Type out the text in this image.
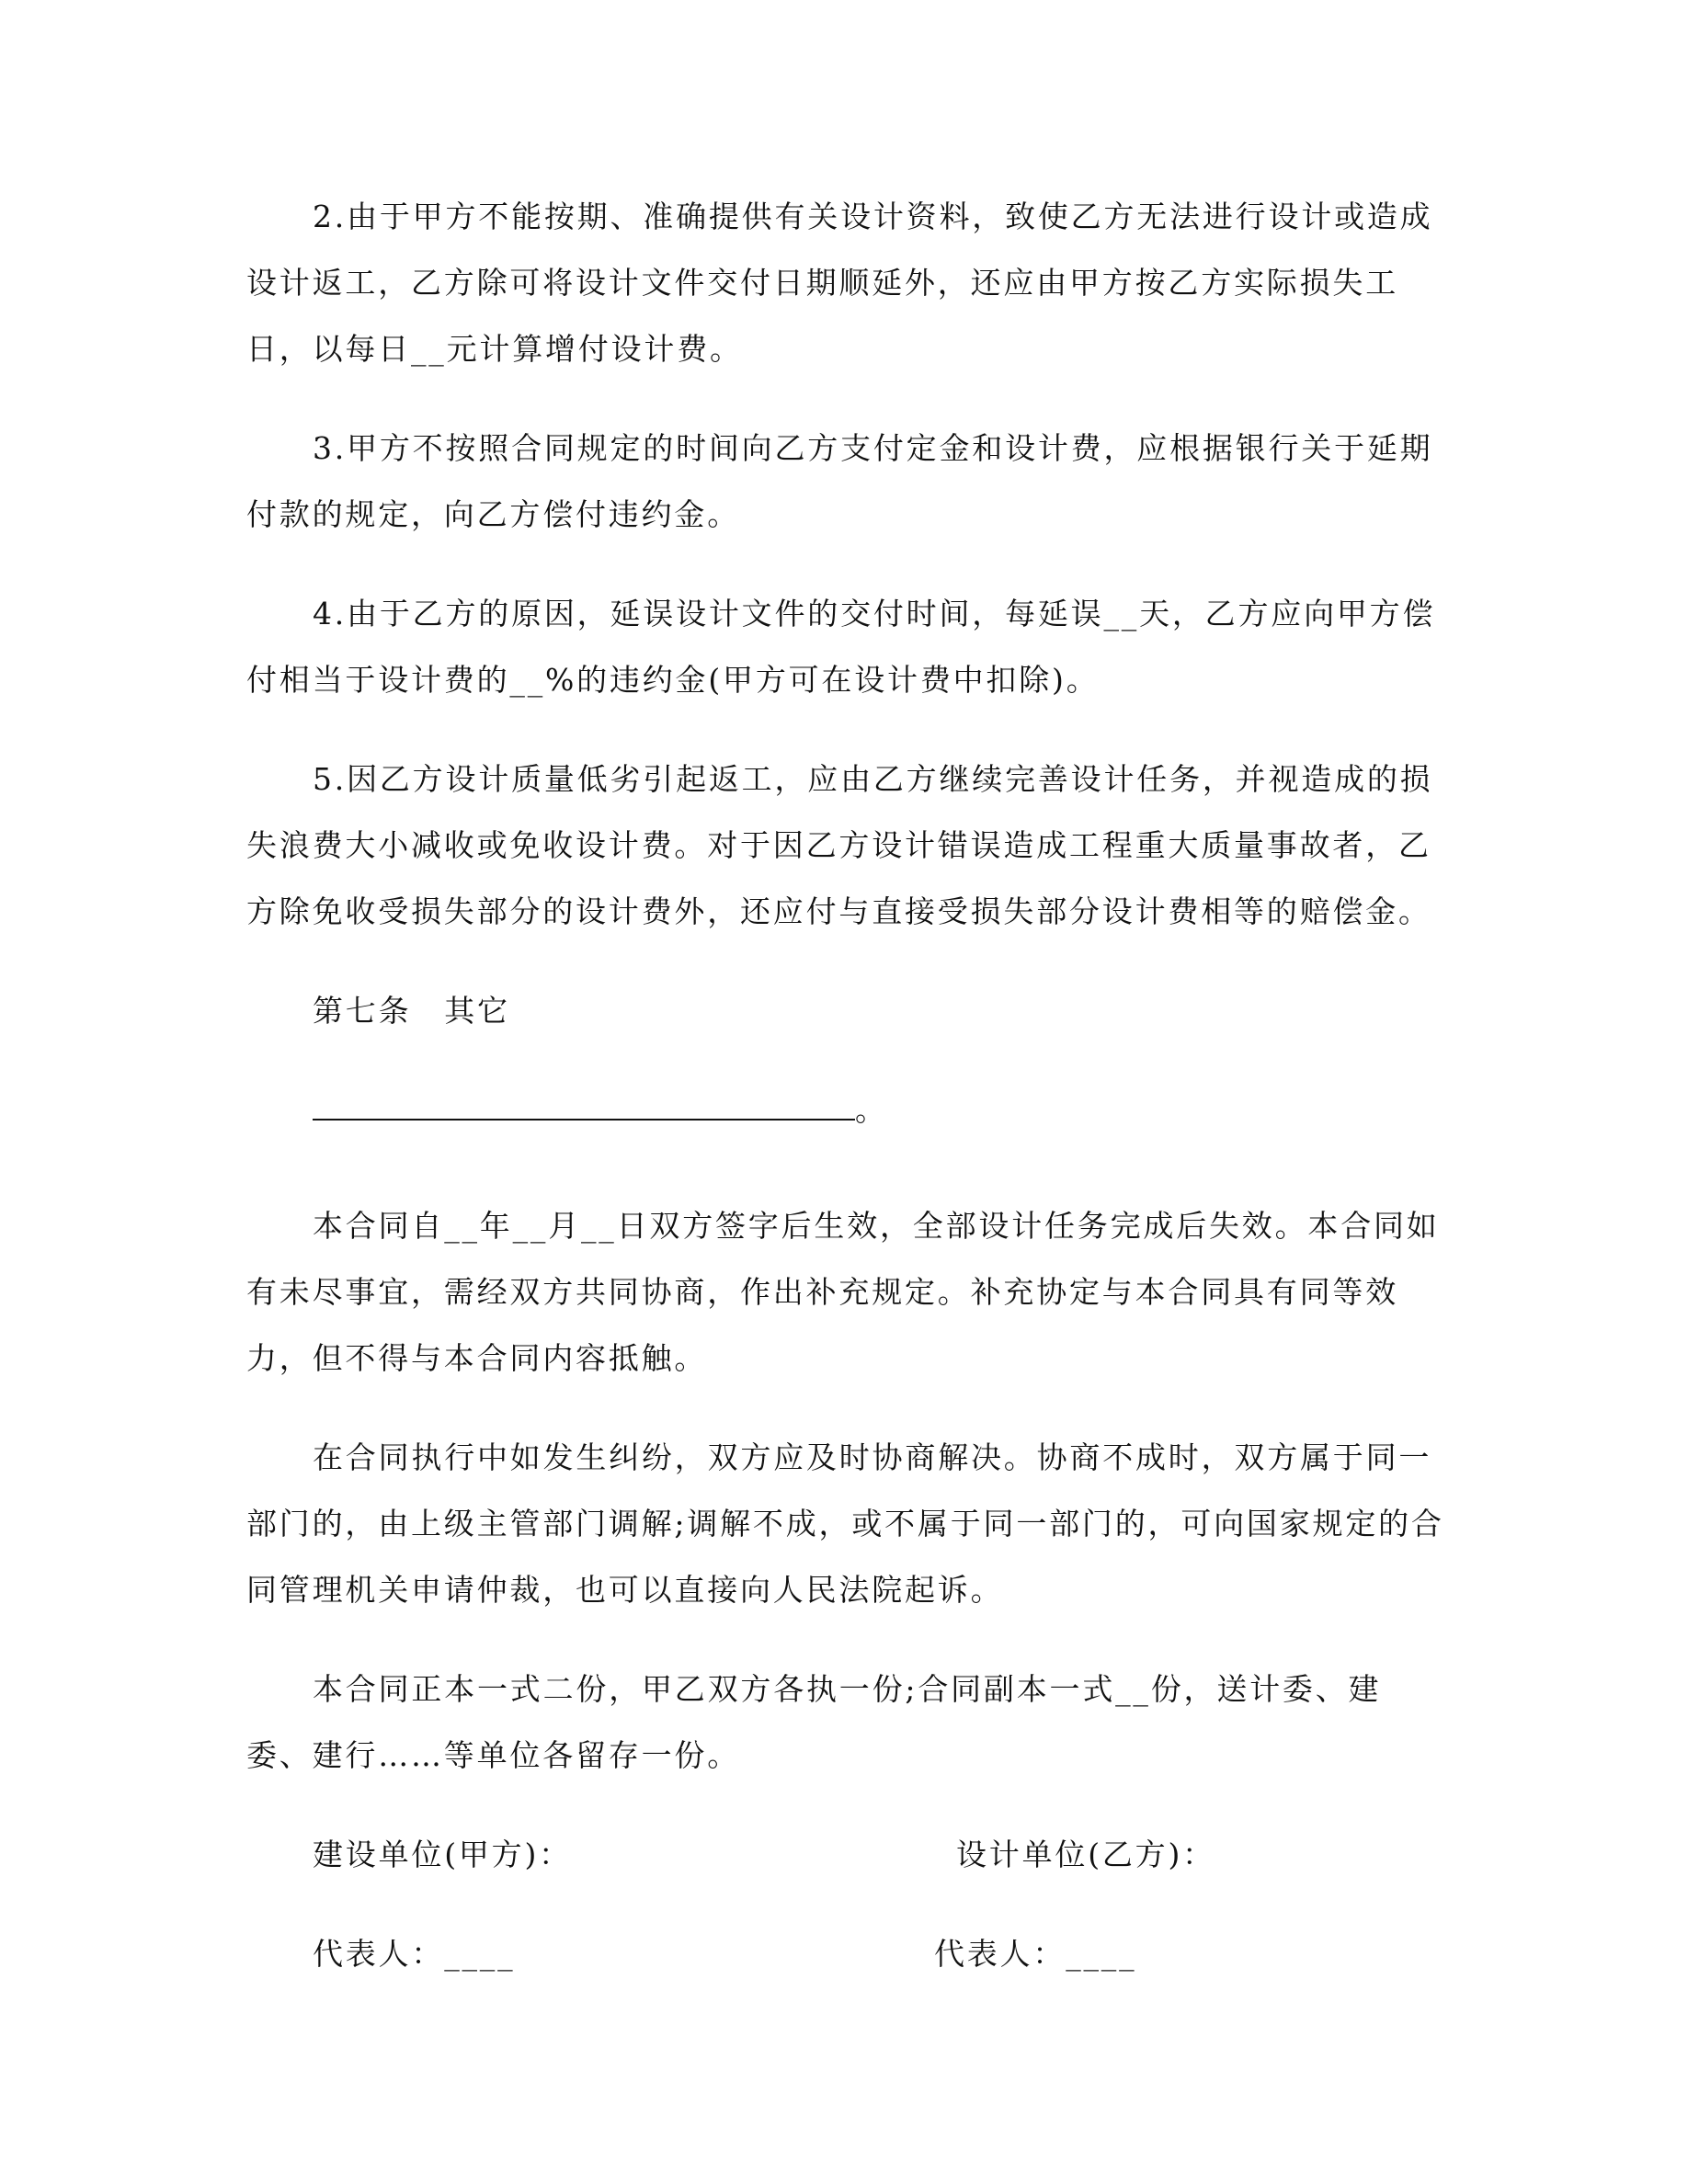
2.由于甲方不能按期、准确提供有关设计资料，致使乙方无法进行设计或造成设计返工，乙方除可将设计文件交付日期顺延外，还应由甲方按乙方实际损失工日，以每日__元计算增付设计费。

3.甲方不按照合同规定的时间向乙方支付定金和设计费，应根据银行关于延期付款的规定，向乙方偿付违约金。

4.由于乙方的原因，延误设计文件的交付时间，每延误__天，乙方应向甲方偿付相当于设计费的__%的违约金(甲方可在设计费中扣除)。

5.因乙方设计质量低劣引起返工，应由乙方继续完善设计任务，并视造成的损失浪费大小减收或免收设计费。对于因乙方设计错误造成工程重大质量事故者，乙方除免收受损失部分的设计费外，还应付与直接受损失部分设计费相等的赔偿金。

第七条　其它

。

本合同自__年__月__日双方签字后生效，全部设计任务完成后失效。本合同如有未尽事宜，需经双方共同协商，作出补充规定。补充协定与本合同具有同等效力，但不得与本合同内容抵触。

在合同执行中如发生纠纷，双方应及时协商解决。协商不成时，双方属于同一部门的，由上级主管部门调解;调解不成，或不属于同一部门的，可向国家规定的合同管理机关申请仲裁，也可以直接向人民法院起诉。

本合同正本一式二份，甲乙双方各执一份;合同副本一式__份，送计委、建委、建行……等单位各留存一份。

建设单位(甲方)：	设计单位(乙方)：
代表人：____	代表人：____
